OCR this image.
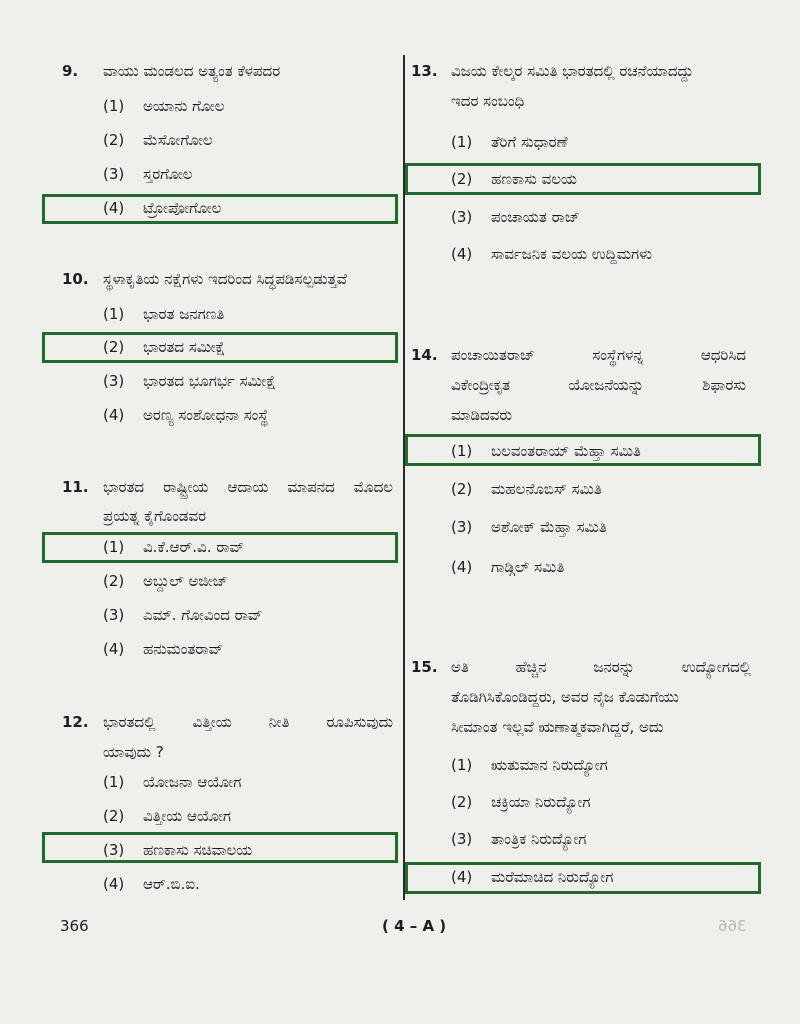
9. ವಾಯು ಮಂಡಲದ ಅತ್ಯಂತ ಕೆಳಪದರ
(1) ಅಯಾನು ಗೋಲ
(2) ಮೆಸೋಗೋಲ
(3) ಸ್ತರಗೋಲ
(4) ಟ್ರೋಪೋಗೋಲ
10. ಸ್ಥಳಾಕೃತಿಯ ನಕ್ಷೆಗಳು ಇದರಿಂದ ಸಿದ್ಧಪಡಿಸಲ್ಪಡುತ್ತವೆ
(1) ಭಾರತ ಜನಗಣತಿ
(2) ಭಾರತದ ಸಮೀಕ್ಷೆ
(3) ಭಾರತದ ಭೂಗರ್ಭ ಸಮೀಕ್ಷೆ
(4) ಅರಣ್ಯ ಸಂಶೋಧನಾ ಸಂಸ್ಥೆ
11. ಭಾರತದ ರಾಷ್ಟ್ರೀಯ ಆದಾಯ ಮಾಪನದ ಮೊದಲ
ಪ್ರಯತ್ನ ಕೈಗೊಂಡವರ
(1) ವಿ.ಕೆ.ಆರ್.ವಿ. ರಾವ್
(2) ಅಬ್ದುಲ್ ಅಜೀಜ್
(3) ಎಮ್. ಗೋವಿಂದ ರಾವ್
(4) ಹನುಮಂತರಾವ್
12. ಭಾರತದಲ್ಲಿ ವಿತ್ತೀಯ ನೀತಿ ರೂಪಿಸುವುದು
ಯಾವುದು ?
(1) ಯೋಜನಾ ಆಯೋಗ
(2) ವಿತ್ತೀಯ ಆಯೋಗ
(3) ಹಣಕಾಸು ಸಚಿವಾಲಯ
(4) ಆರ್.ಬಿ.ಐ.
13. ವಿಜಯ ಕೇಲ್ಕರ ಸಮಿತಿ ಭಾರತದಲ್ಲಿ ರಚನೆಯಾದದ್ದು
ಇದರ ಸಂಬಂಧಿ
(1) ತೆರಿಗೆ ಸುಧಾರಣೆ
(2) ಹಣಕಾಸು ವಲಯ
(3) ಪಂಚಾಯತ ರಾಜ್
(4) ಸಾರ್ವಜನಿಕ ವಲಯ ಉದ್ದಿಮಗಳು
14. ಪಂಚಾಯಿತರಾಜ್ ಸಂಸ್ಥೆಗಳನ್ನ ಆಧರಿಸಿದ
ವಿಕೇಂದ್ರೀಕೃತ ಯೋಜನೆಯನ್ನು ಶಿಫಾರಸು
ಮಾಡಿದವರು
(1) ಬಲವಂತರಾಯ್ ಮೆಹ್ತಾ ಸಮಿತಿ
(2) ಮಹಲನೊಬಿಸ್ ಸಮಿತಿ
(3) ಅಶೋಕ್ ಮೆಹ್ತಾ ಸಮಿತಿ
(4) ಗಾಡ್ಗಿಲ್ ಸಮಿತಿ
15. ಅತಿ ಹೆಚ್ಚಿನ ಜನರನ್ನು ಉದ್ಯೋಗದಲ್ಲಿ
ತೊಡಿಗಿಸಿಕೊಂಡಿದ್ದರು, ಅವರ ನೈಜ ಕೊಡುಗೆಯು
ಸೀಮಾಂತ ಇಲ್ಲವೆ ಋಣಾತ್ಮಕವಾಗಿದ್ದರೆ, ಅದು
(1) ಋತುಮಾನ ನಿರುದ್ಯೋಗ
(2) ಚಕ್ರಿಯಾ ನಿರುದ್ಯೋಗ
(3) ತಾಂತ್ರಿಕ ನಿರುದ್ಯೋಗ
(4) ಮರೆಮಾಚಿದ ನಿರುದ್ಯೋಗ
366	( 4 – A )	366
